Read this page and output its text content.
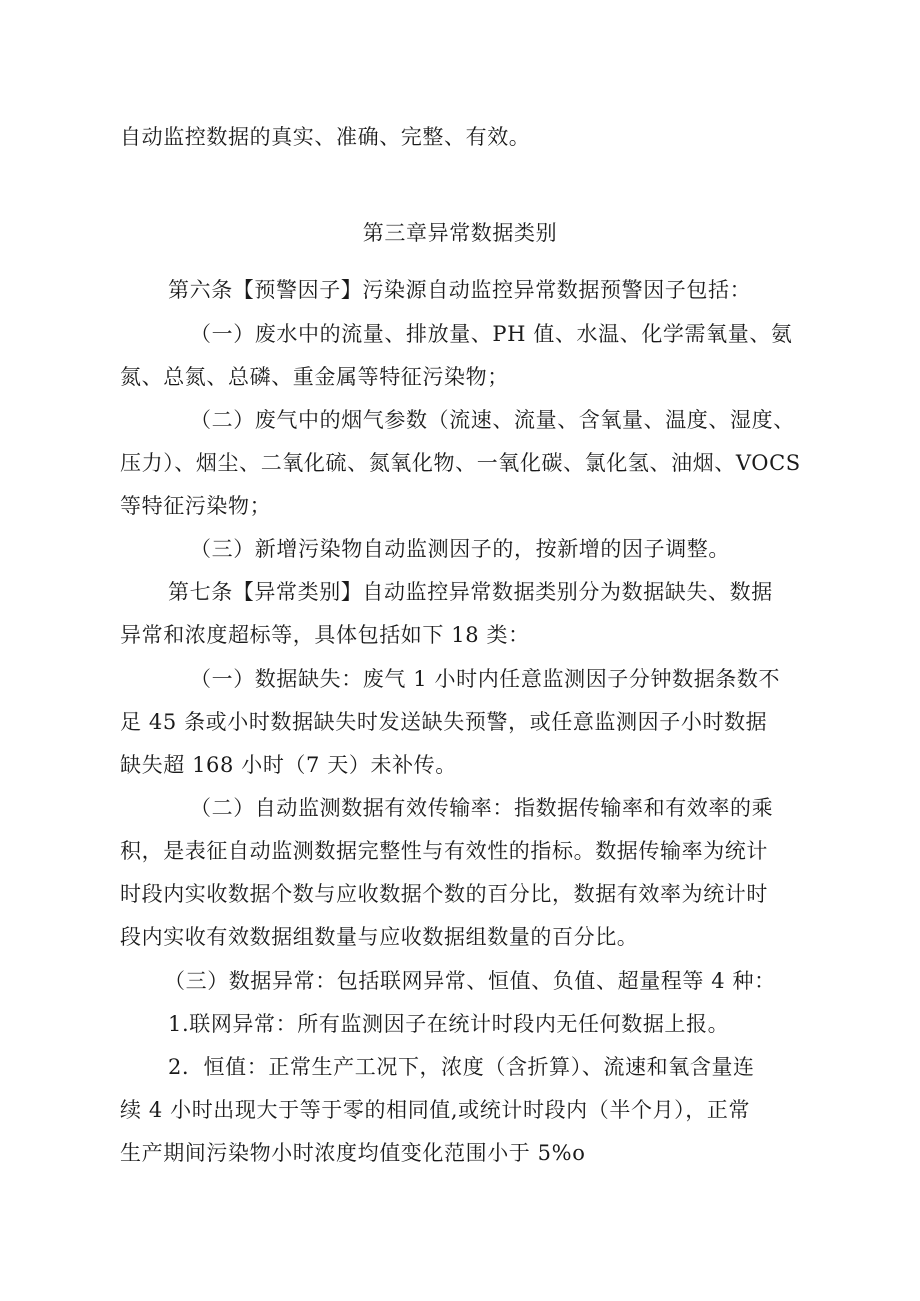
自动监控数据的真实、准确、完整、有效。
第三章异常数据类别
第六条【预警因子】污染源自动监控异常数据预警因子包括：
（一）废水中的流量、排放量、PH 值、水温、化学需氧量、氨
氮、总氮、总磷、重金属等特征污染物；
（二）废气中的烟气参数（流速、流量、含氧量、温度、湿度、
压力）、烟尘、二氧化硫、氮氧化物、一氧化碳、氯化氢、油烟、VOCS
等特征污染物；
（三）新增污染物自动监测因子的，按新增的因子调整。
第七条【异常类别】自动监控异常数据类别分为数据缺失、数据
异常和浓度超标等，具体包括如下 18 类：
（一）数据缺失：废气 1 小时内任意监测因子分钟数据条数不
足 45 条或小时数据缺失时发送缺失预警，或任意监测因子小时数据
缺失超 168 小时（7 天）未补传。
（二）自动监测数据有效传输率：指数据传输率和有效率的乘
积，是表征自动监测数据完整性与有效性的指标。数据传输率为统计
时段内实收数据个数与应收数据个数的百分比，数据有效率为统计时
段内实收有效数据组数量与应收数据组数量的百分比。
（三）数据异常：包括联网异常、恒值、负值、超量程等 4 种：
1.联网异常：所有监测因子在统计时段内无任何数据上报。
2．恒值：正常生产工况下，浓度（含折算）、流速和氧含量连
续 4 小时出现大于等于零的相同值,或统计时段内（半个月），正常
生产期间污染物小时浓度均值变化范围小于 5%o
